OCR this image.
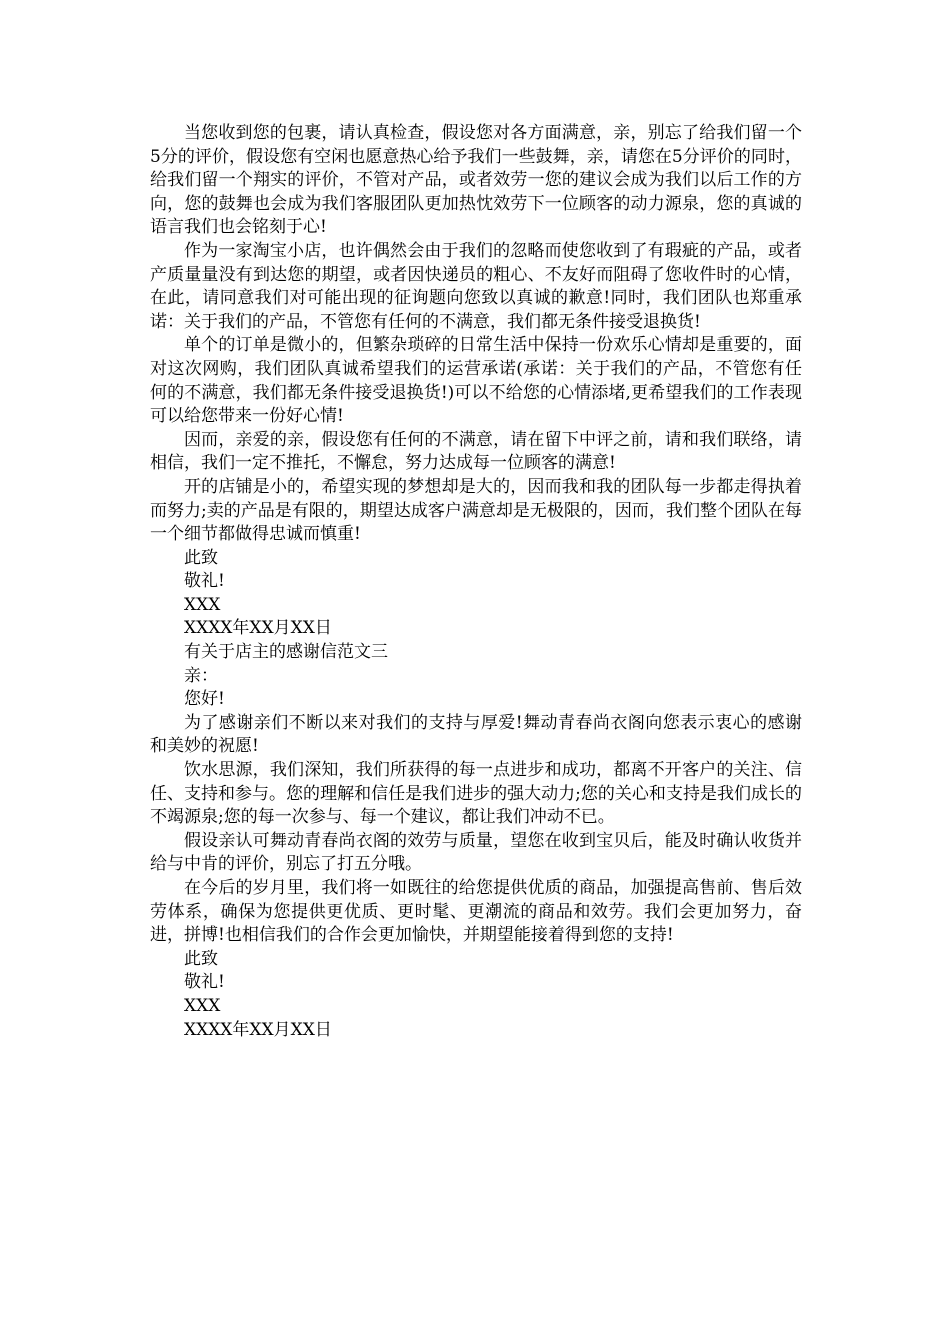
当您收到您的包裹，请认真检查，假设您对各方面满意，亲，别忘了给我们留一个5分的评价，假设您有空闲也愿意热心给予我们一些鼓舞，亲，请您在5分评价的同时，给我们留一个翔实的评价，不管对产品，或者效劳一您的建议会成为我们以后工作的方向，您的鼓舞也会成为我们客服团队更加热忱效劳下一位顾客的动力源泉，您的真诚的语言我们也会铭刻于心!

作为一家淘宝小店，也许偶然会由于我们的忽略而使您收到了有瑕疵的产品，或者产质量量没有到达您的期望，或者因快递员的粗心、不友好而阻碍了您收件时的心情，在此，请同意我们对可能出现的征询题向您致以真诚的歉意!同时，我们团队也郑重承诺：关于我们的产品，不管您有任何的不满意，我们都无条件接受退换货!

单个的订单是微小的，但繁杂琐碎的日常生活中保持一份欢乐心情却是重要的，面对这次网购，我们团队真诚希望我们的运营承诺(承诺：关于我们的产品，不管您有任何的不满意，我们都无条件接受退换货!)可以不给您的心情添堵,更希望我们的工作表现可以给您带来一份好心情!

因而，亲爱的亲，假设您有任何的不满意，请在留下中评之前，请和我们联络，请相信，我们一定不推托，不懈怠，努力达成每一位顾客的满意!

开的店铺是小的，希望实现的梦想却是大的，因而我和我的团队每一步都走得执着而努力;卖的产品是有限的，期望达成客户满意却是无极限的，因而，我们整个团队在每一个细节都做得忠诚而慎重!

此致

敬礼!

XXX

XXXX年XX月XX日

有关于店主的感谢信范文三

亲：

您好!

为了感谢亲们不断以来对我们的支持与厚爱!舞动青春尚衣阁向您表示衷心的感谢和美妙的祝愿!

饮水思源，我们深知，我们所获得的每一点进步和成功，都离不开客户的关注、信任、支持和参与。您的理解和信任是我们进步的强大动力;您的关心和支持是我们成长的不竭源泉;您的每一次参与、每一个建议，都让我们冲动不已。

假设亲认可舞动青春尚衣阁的效劳与质量，望您在收到宝贝后，能及时确认收货并给与中肯的评价，别忘了打五分哦。

在今后的岁月里，我们将一如既往的给您提供优质的商品，加强提高售前、售后效劳体系，确保为您提供更优质、更时髦、更潮流的商品和效劳。我们会更加努力，奋进，拼博!也相信我们的合作会更加愉快，并期望能接着得到您的支持!

此致

敬礼!

XXX

XXXX年XX月XX日
